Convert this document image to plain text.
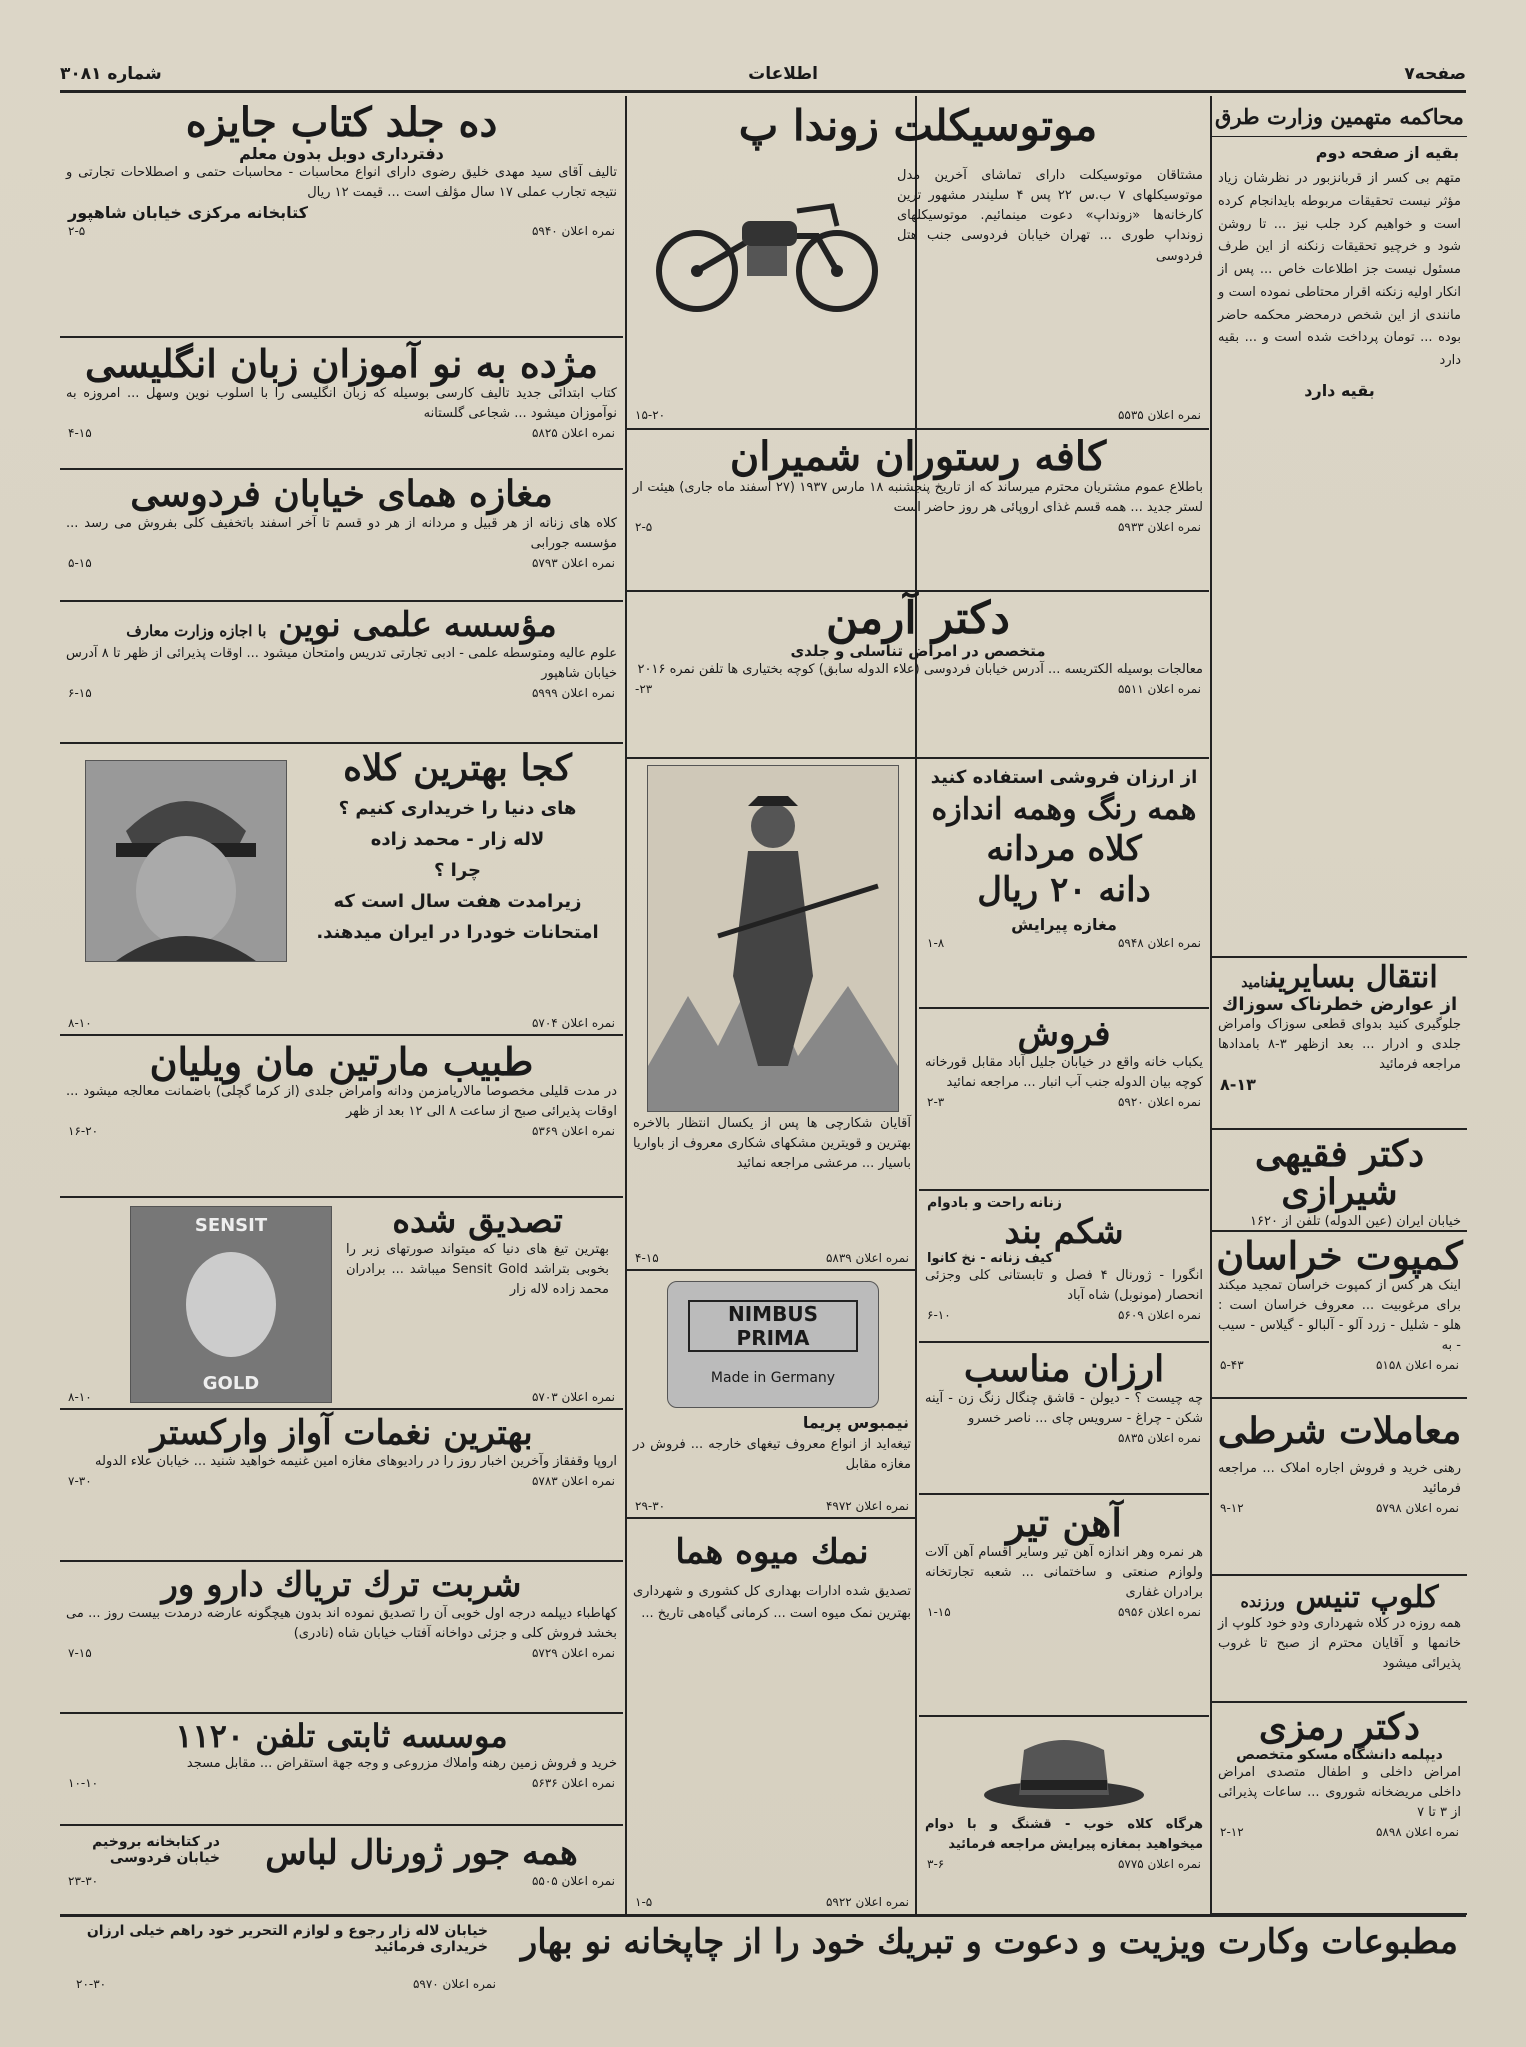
صفحه۷
اطلاعات
شماره ۳۰۸۱
محاکمه متهمین وزارت طرق
بقیه از صفحه دوم
متهم بی کسر از قربانزبور در نظرشان زیاد مؤثر نیست تحقیقات مربوطه بایدانجام کرده است و خواهیم کرد جلب نیز ... تا روشن شود و خرچیو تحقیقات زنکنه از این طرف مسئول نیست جز اطلاعات خاص ... پس از انکار اولیه زنکنه اقرار محتاطی نموده است و مانندی از این شخص درمحضر محکمه حاضر بوده ... تومان پرداخت شده است و ... بقیه دارد
بقیه دارد
انتقال بسایریننامید
از عوارض خطرناک سوزاك
جلوگیری کنید بدوای قطعی سوزاک وامراض جلدی و ادرار ... بعد ازظهر ۳-۸ بامدادها مراجعه فرمائید
۸-۱۳
دکتر فقیهی شیرازی
خیابان ایران (عین الدوله) تلفن از ۱۶۲۰
کمپوت خراسان
اینک هر کس از کمپوت خراسان تمجید میکند برای مرغوبیت ... معروف خراسان است : هلو - شلیل - زرد آلو - آلبالو - گیلاس - سیب - به
نمره اعلان ۵۱۵۸
۵-۴۳
معاملات شرطی
رهنی خرید و فروش اجاره املاک ... مراجعه فرمائید
نمره اعلان ۵۷۹۸
۹-۱۲
کلوپ تنیس ورزنده
همه روزه در کلاه شهرداری ودو خود کلوپ از خانمها و آقایان محترم از صبح تا غروب پذیرائی میشود
دکتر رمزی
دیپلمه دانشگاه مسکو متخصص
امراض داخلی و اطفال متصدی امراض داخلی مریضخانه شوروی ... ساعات پذیرائی از ۳ تا ۷
نمره اعلان ۵۸۹۸
۲-۱۲
موتوسیکلت زوندا پ
مشتاقان موتوسیکلت دارای تماشای آخرین مدل موتوسیکلهای ۷ ب.س ۲۲ پس ۴ سلیندر مشهور ترین کارخانه‌ها «زونداپ» دعوت مینمائیم. موتوسیکلهای زونداپ طوری ... تهران خیابان فردوسی جنب هتل فردوسی
نمره اعلان ۵۵۳۵
۱۵-۲۰
کافه رستوران شمیران
باطلاع عموم مشتریان محترم میرساند که از تاریخ پنجشنبه ۱۸ مارس ۱۹۳۷ (۲۷ اسفند ماه جاری) هیئت ار لستر جدید ... همه قسم غذای اروپائی هر روز حاضر است
نمره اعلان ۵۹۳۳
۲-۵
دکتر آرمن
متخصص در امراض تناسلی و جلدی
معالجات بوسیله الکتریسه ... آدرس خیابان فردوسی (علاء الدوله سابق) کوچه بختیاری ها تلفن نمره ۲۰۱۶
نمره اعلان ۵۵۱۱
۲۳-
آقایان شکارچی ها پس از یکسال انتظار بالاخره بهترین و قویترین مشکهای شکاری معروف از باواریا باسیار ... مرعشی مراجعه نمائید
نمره اعلان ۵۸۳۹
۴-۱۵
NIMBUS PRIMA
Made in Germany
نیمبوس پریما
تیغه‌اید از انواع معروف تیغهای خارجه ... فروش در مغازه مقابل
نمره اعلان ۴۹۷۲
۲۹-۳۰
نمك میوه هما
تصدیق شده ادارات بهداری کل کشوری و شهرداری بهترین نمک میوه است ... کرمانی گیاه‌هی تاریخ ...
نمره اعلان ۵۹۲۲
۱-۵
از ارزان فروشی استفاده کنید
همه رنگ وهمه اندازه
کلاه مردانه
دانه ۲۰ ریال
مغازه پیرایش
نمره اعلان ۵۹۴۸
۱-۸
فروش
یکباب خانه واقع در خیابان جلیل آباد مقابل قورخانه کوچه بیان الدوله جنب آب انبار ... مراجعه نمائید
نمره اعلان ۵۹۲۰
۲-۳
زنانه راحت و بادوام
شکم بند
کیف زنانه - نخ کانوا
انگورا - ژورنال ۴ فصل و تابستانی کلی وجزئی انحصار (مونوبل) شاه آباد
نمره اعلان ۵۶۰۹
۶-۱۰
ارزان مناسب
چه چیست ؟ - دیولن - قاشق چنگال زنگ زن - آینه شکن - چراغ - سرویس چای ... ناصر خسرو
نمره اعلان ۵۸۳۵
آهن تیر
هر نمره وهر اندازه آهن تیر وسایر اقسام آهن آلات ولوازم صنعتی و ساختمانی ... شعبه تجارتخانه برادران غفاری
نمره اعلان ۵۹۵۶
۱-۱۵
هرگاه کلاه خوب - قشنگ و با دوام میخواهید بمغازه پیرایش مراجعه فرمائید
نمره اعلان ۵۷۷۵
۳-۶
ده جلد کتاب جایزه
دفترداری دوبل بدون معلم
تالیف آقای سید مهدی خلیق رضوی دارای انواع محاسبات - محاسبات حتمی و اصطلاحات تجارتی و نتیجه تجارب عملی ۱۷ سال مؤلف است ... قیمت ۱۲ ریال
کتابخانه مرکزی خیابان شاهپور
نمره اعلان ۵۹۴۰
۲-۵
مژده به نو آموزان زبان انگلیسی
کتاب ابتدائی جدید تالیف کارسی بوسیله که زبان انگلیسی را با اسلوب نوین وسهل ... امروزه به نوآموزان میشود ... شجاعی گلستانه
نمره اعلان ۵۸۲۵
۴-۱۵
مغازه همای خیابان فردوسی
کلاه های زنانه از هر قبیل و مردانه از هر دو قسم تا آخر اسفند باتخفیف کلی بفروش می رسد ... مؤسسه جورابی
نمره اعلان ۵۷۹۳
۵-۱۵
مؤسسه علمی نوین با اجازه وزارت معارف
علوم عالیه ومتوسطه علمی - ادبی تجارتی تدریس وامتحان میشود ... اوقات پذیرائی از ظهر تا ۸ آدرس خیابان شاهپور
نمره اعلان ۵۹۹۹
۶-۱۵
کجا بهترین کلاه
های دنیا را خریداری کنیم ؟
لاله زار - محمد زاده
چرا ؟
زیرامدت هفت سال است که
امتحانات خودرا در ایران میدهند.
نمره اعلان ۵۷۰۴
۸-۱۰
طبیب مارتین مان ویلیان
در مدت قلیلی مخصوصا مالاریامزمن ودانه وامراض جلدی (از کرما گچلی) باضمانت معالجه میشود ... اوقات پذیرائی صبح از ساعت ۸ الی ۱۲ بعد از ظهر
نمره اعلان ۵۳۶۹
۱۶-۲۰
SENSIT
GOLD
تصدیق شده
بهترین تیغ های دنیا که میتواند صورتهای زبر را بخوبی بتراشد Sensit Gold میباشد ... برادران محمد زاده لاله زار
نمره اعلان ۵۷۰۳
۸-۱۰
بهترین نغمات آواز وارکستر
اروپا وقفقاز وآخرین اخبار روز را در رادیوهای مغازه امین غنیمه خواهید شنید ... خیابان علاء الدوله
نمره اعلان ۵۷۸۳
۷-۳۰
شربت ترك تریاك دارو ور
کهاطباء دیپلمه درجه اول خوبی آن را تصدیق نموده اند بدون هیچگونه عارضه درمدت بیست روز ... می بخشد فروش کلی و جزئی دواخانه آفتاب خیابان شاه (نادری)
نمره اعلان ۵۷۲۹
۷-۱۵
موسسه ثابتی تلفن ۱۱۲۰
خرید و فروش زمین رهنه واملاك مزروعی و وجه جهة استقراض ... مقابل مسجد
نمره اعلان ۵۶۳۶
۱۰-۱۰
در کتابخانه بروخیم خیابان فردوسی	همه جور ژورنال لباس
نمره اعلان ۵۵۰۵
۲۳-۳۰
مطبوعات وکارت ویزیت و دعوت و تبریك خود را از چاپخانه نو بهار
خیابان لاله زار رجوع و لوازم التحریر خود راهم خیلی ارزان خریداری فرمائید
نمره اعلان ۵۹۷۰
۲۰-۳۰
